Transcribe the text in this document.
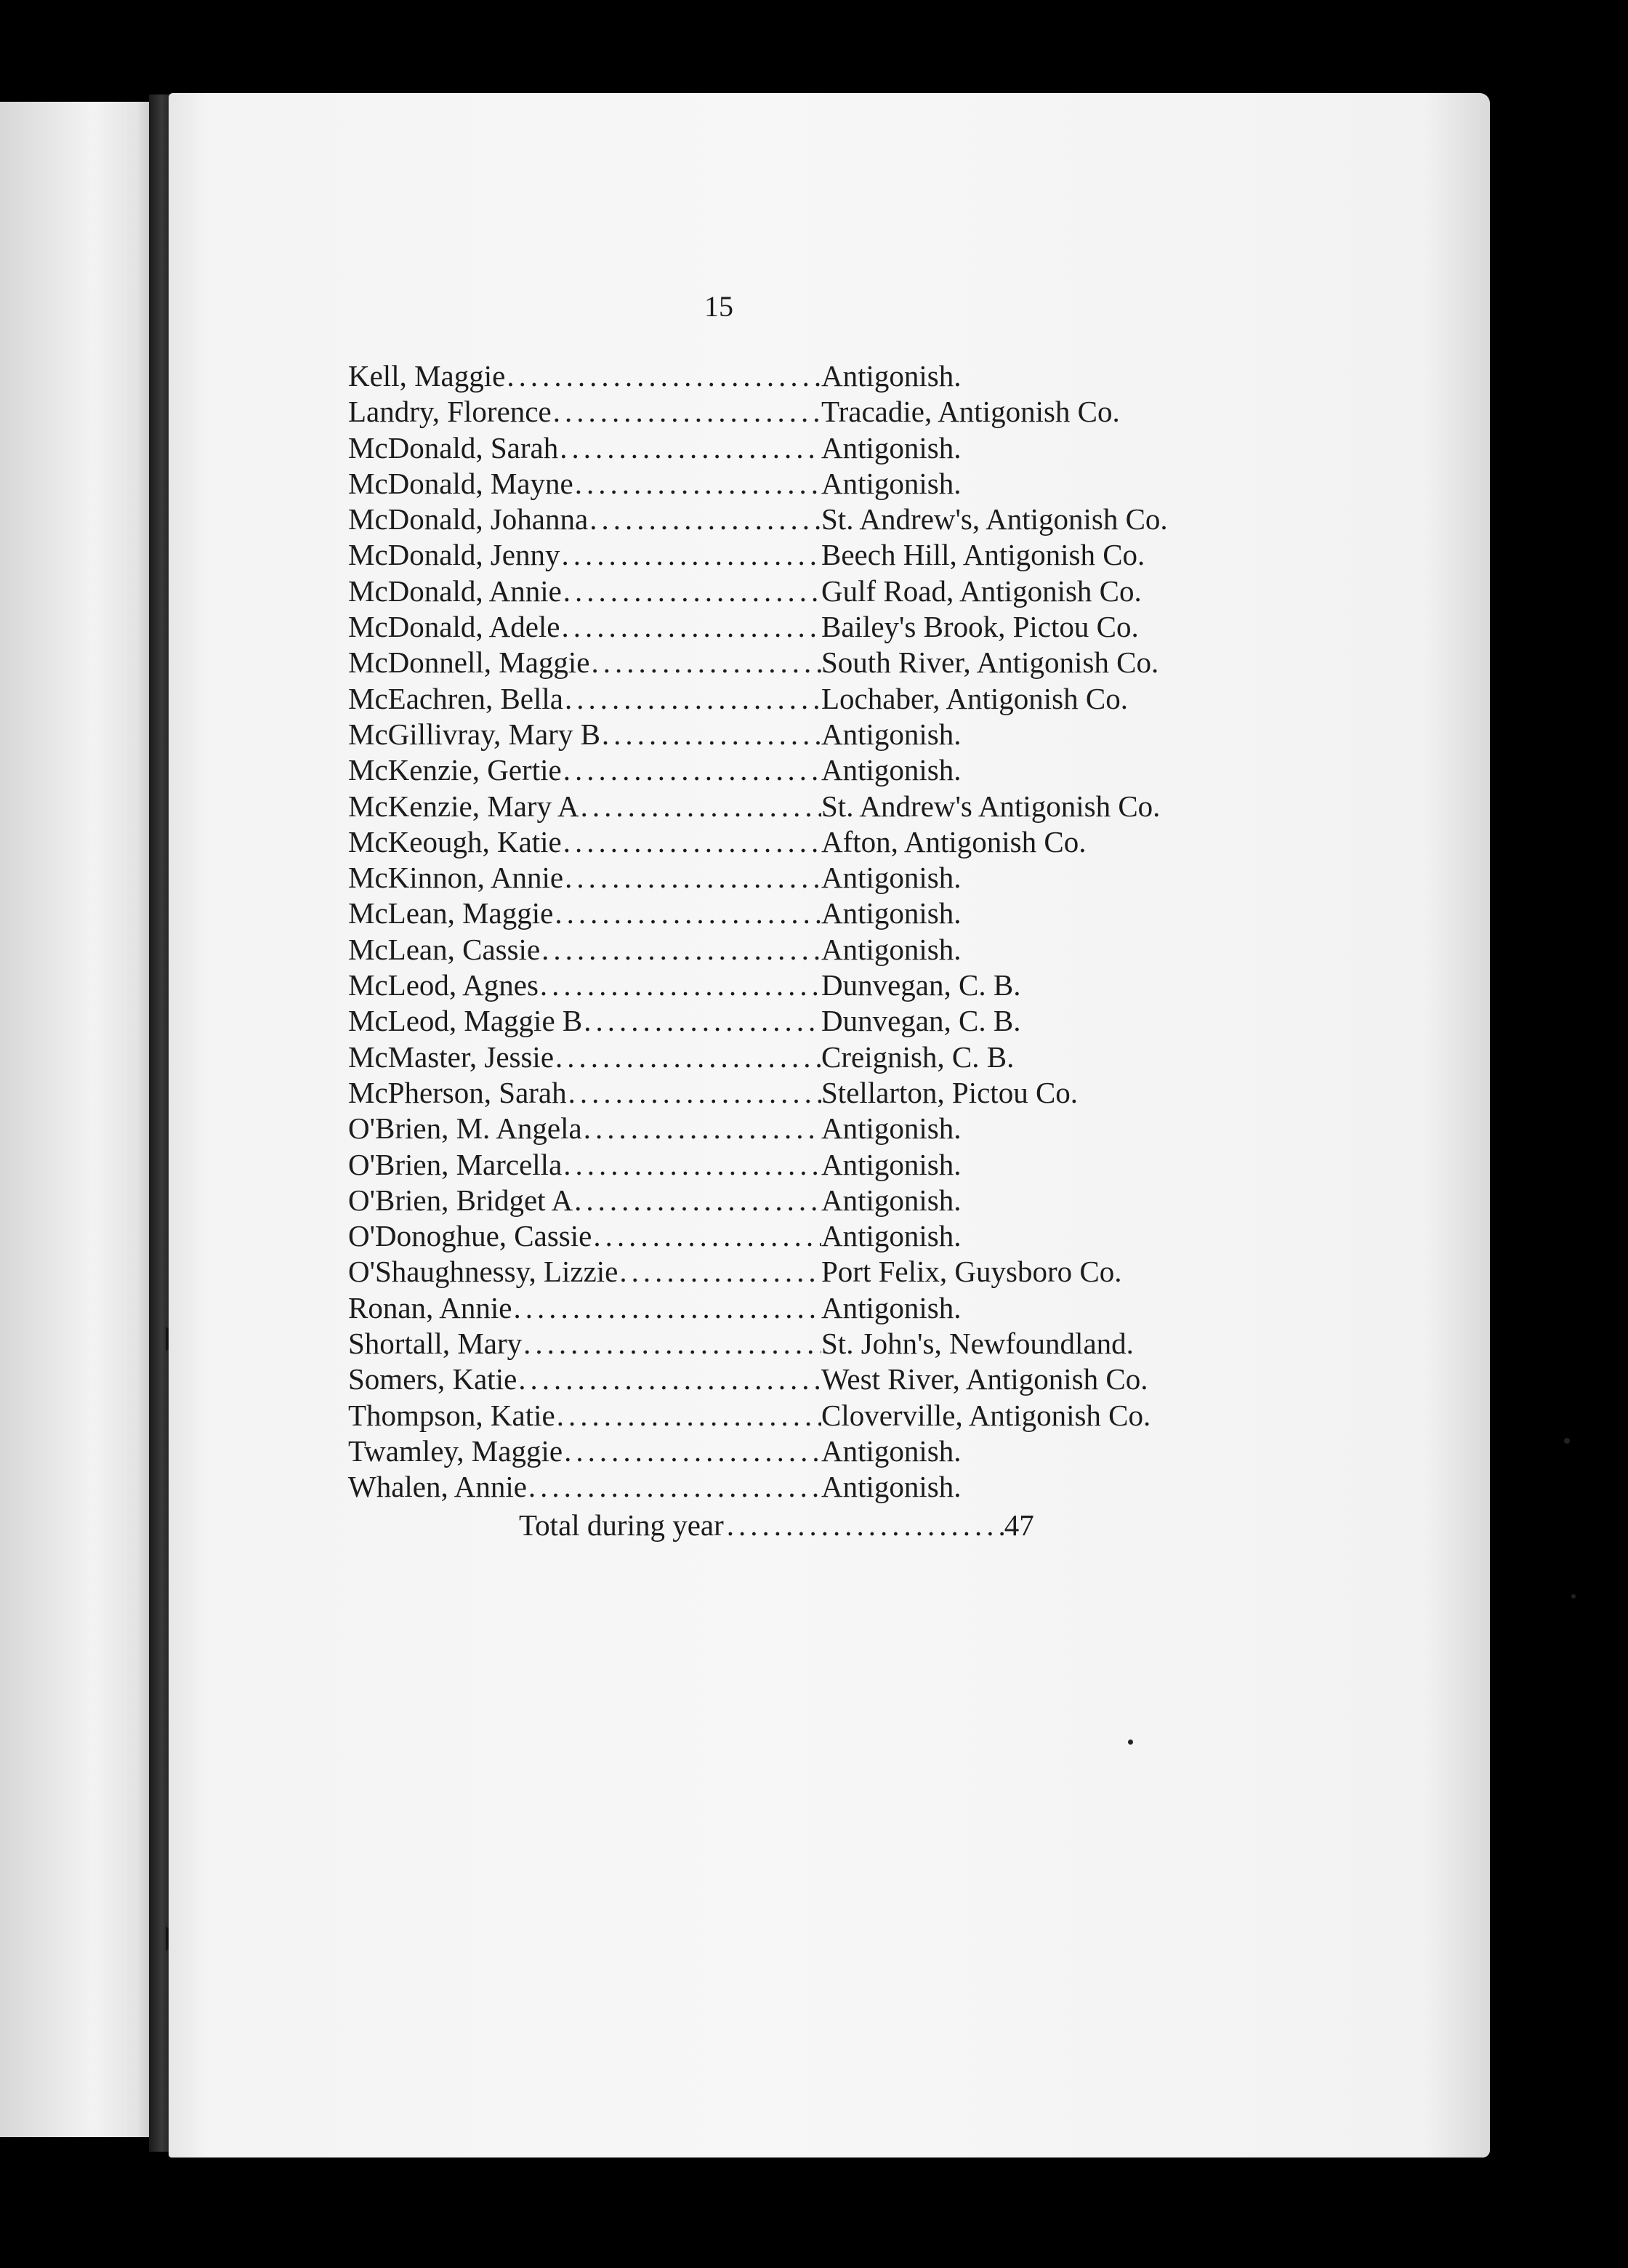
15
Kell, Maggie .....	Antigonish.
Landry, Florence .....	Tracadie, Antigonish Co.
McDonald, Sarah .....	Antigonish.
McDonald, Mayne .....	Antigonish.
McDonald, Johanna .....	St. Andrew's, Antigonish Co.
McDonald, Jenny .....	Beech Hill, Antigonish Co.
McDonald, Annie .....	Gulf Road, Antigonish Co.
McDonald, Adele .....	Bailey's Brook, Pictou Co.
McDonnell, Maggie .....	South River, Antigonish Co.
McEachren, Bella .....	Lochaber, Antigonish Co.
McGillivray, Mary B .....	Antigonish.
McKenzie, Gertie .....	Antigonish.
McKenzie, Mary A .....	St. Andrew's Antigonish Co.
McKeough, Katie .....	Afton, Antigonish Co.
McKinnon, Annie .....	Antigonish.
McLean, Maggie .....	Antigonish.
McLean, Cassie .....	Antigonish.
McLeod, Agnes .....	Dunvegan, C. B.
McLeod, Maggie B .....	Dunvegan, C. B.
McMaster, Jessie .....	Creignish, C. B.
McPherson, Sarah .....	Stellarton, Pictou Co.
O'Brien, M. Angela .....	Antigonish.
O'Brien, Marcella .....	Antigonish.
O'Brien, Bridget A .....	Antigonish.
O'Donoghue, Cassie .....	Antigonish.
O'Shaughnessy, Lizzie .....	Port Felix, Guysboro Co.
Ronan, Annie .....	Antigonish.
Shortall, Mary .....	St. John's, Newfoundland.
Somers, Katie .....	West River, Antigonish Co.
Thompson, Katie .....	Cloverville, Antigonish Co.
Twamley, Maggie .....	Antigonish.
Whalen, Annie .....	Antigonish.
Total during year .....	47
